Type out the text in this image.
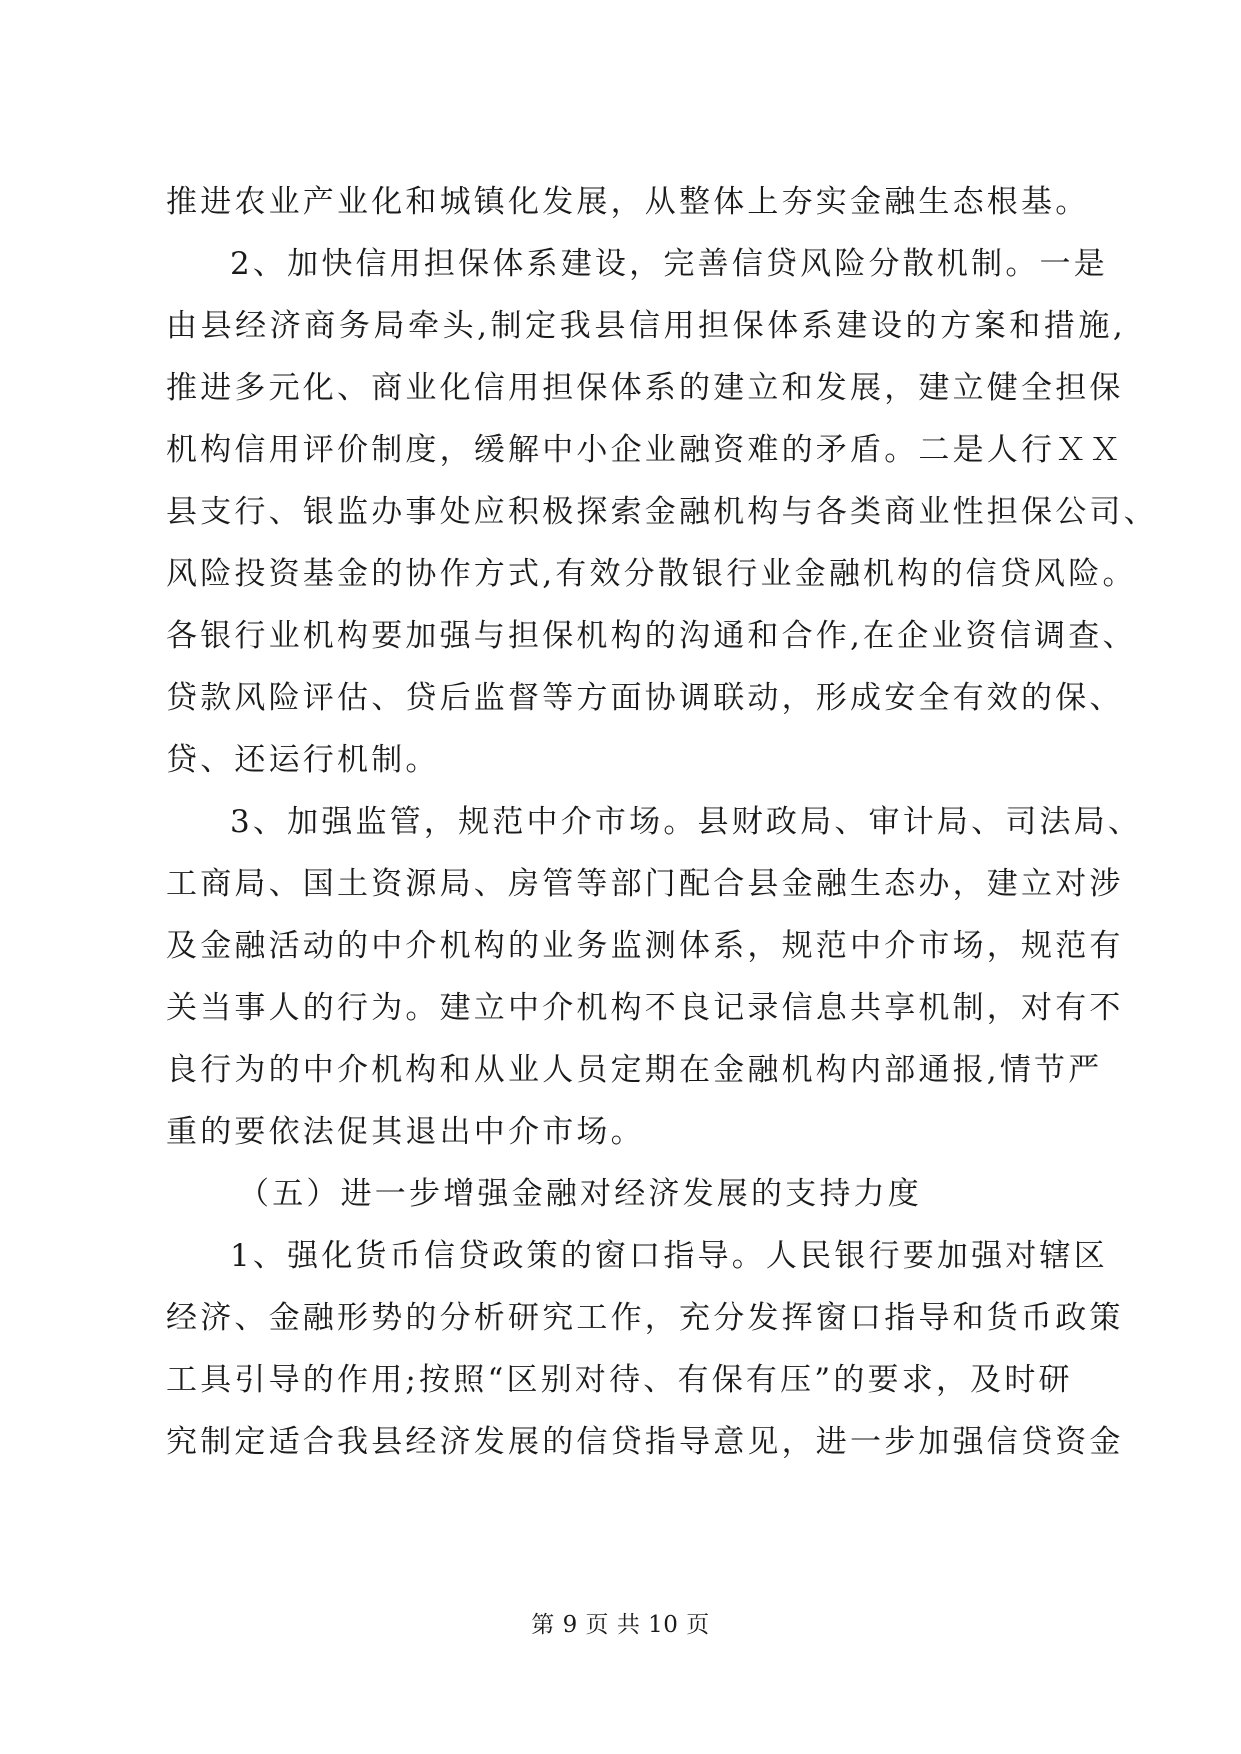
推进农业产业化和城镇化发展，从整体上夯实金融生态根基。
2、加快信用担保体系建设，完善信贷风险分散机制。一是
由县经济商务局牵头,制定我县信用担保体系建设的方案和措施,
推进多元化、商业化信用担保体系的建立和发展，建立健全担保
机构信用评价制度，缓解中小企业融资难的矛盾。二是人行ＸＸ
县支行、银监办事处应积极探索金融机构与各类商业性担保公司、
风险投资基金的协作方式,有效分散银行业金融机构的信贷风险。
各银行业机构要加强与担保机构的沟通和合作,在企业资信调查、
贷款风险评估、贷后监督等方面协调联动，形成安全有效的保、
贷、还运行机制。
3、加强监管，规范中介市场。县财政局、审计局、司法局、
工商局、国土资源局、房管等部门配合县金融生态办，建立对涉
及金融活动的中介机构的业务监测体系，规范中介市场，规范有
关当事人的行为。建立中介机构不良记录信息共享机制，对有不
良行为的中介机构和从业人员定期在金融机构内部通报,情节严
重的要依法促其退出中介市场。
（五）进一步增强金融对经济发展的支持力度
1、强化货币信贷政策的窗口指导。人民银行要加强对辖区
经济、金融形势的分析研究工作，充分发挥窗口指导和货币政策
工具引导的作用;按照“区别对待、有保有压”的要求，及时研
究制定适合我县经济发展的信贷指导意见，进一步加强信贷资金
第 9 页 共 10 页
